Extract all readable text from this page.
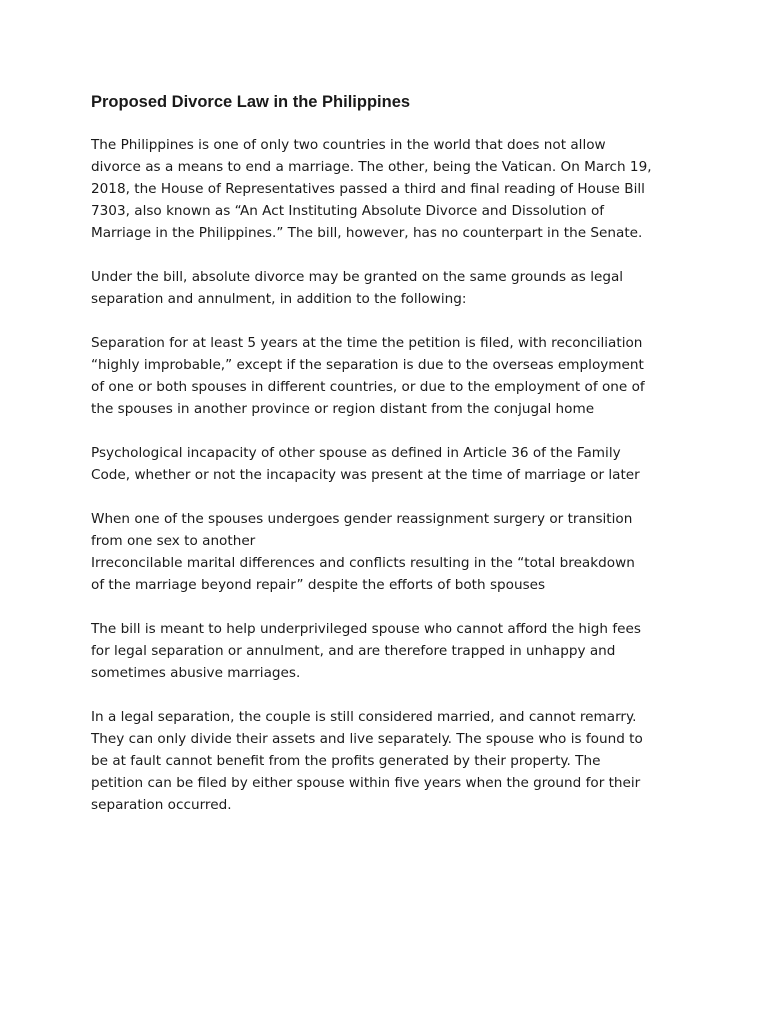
Proposed Divorce Law in the Philippines

The Philippines is one of only two countries in the world that does not allow
divorce as a means to end a marriage. The other, being the Vatican. On March 19,
2018, the House of Representatives passed a third and final reading of House Bill
7303, also known as “An Act Instituting Absolute Divorce and Dissolution of
Marriage in the Philippines.” The bill, however, has no counterpart in the Senate.

Under the bill, absolute divorce may be granted on the same grounds as legal
separation and annulment, in addition to the following:

Separation for at least 5 years at the time the petition is filed, with reconciliation
“highly improbable,” except if the separation is due to the overseas employment
of one or both spouses in different countries, or due to the employment of one of
the spouses in another province or region distant from the conjugal home

Psychological incapacity of other spouse as defined in Article 36 of the Family
Code, whether or not the incapacity was present at the time of marriage or later

When one of the spouses undergoes gender reassignment surgery or transition
from one sex to another
Irreconcilable marital differences and conflicts resulting in the “total breakdown
of the marriage beyond repair” despite the efforts of both spouses

The bill is meant to help underprivileged spouse who cannot afford the high fees
for legal separation or annulment, and are therefore trapped in unhappy and
sometimes abusive marriages.

In a legal separation, the couple is still considered married, and cannot remarry.
They can only divide their assets and live separately. The spouse who is found to
be at fault cannot benefit from the profits generated by their property. The
petition can be filed by either spouse within five years when the ground for their
separation occurred.
